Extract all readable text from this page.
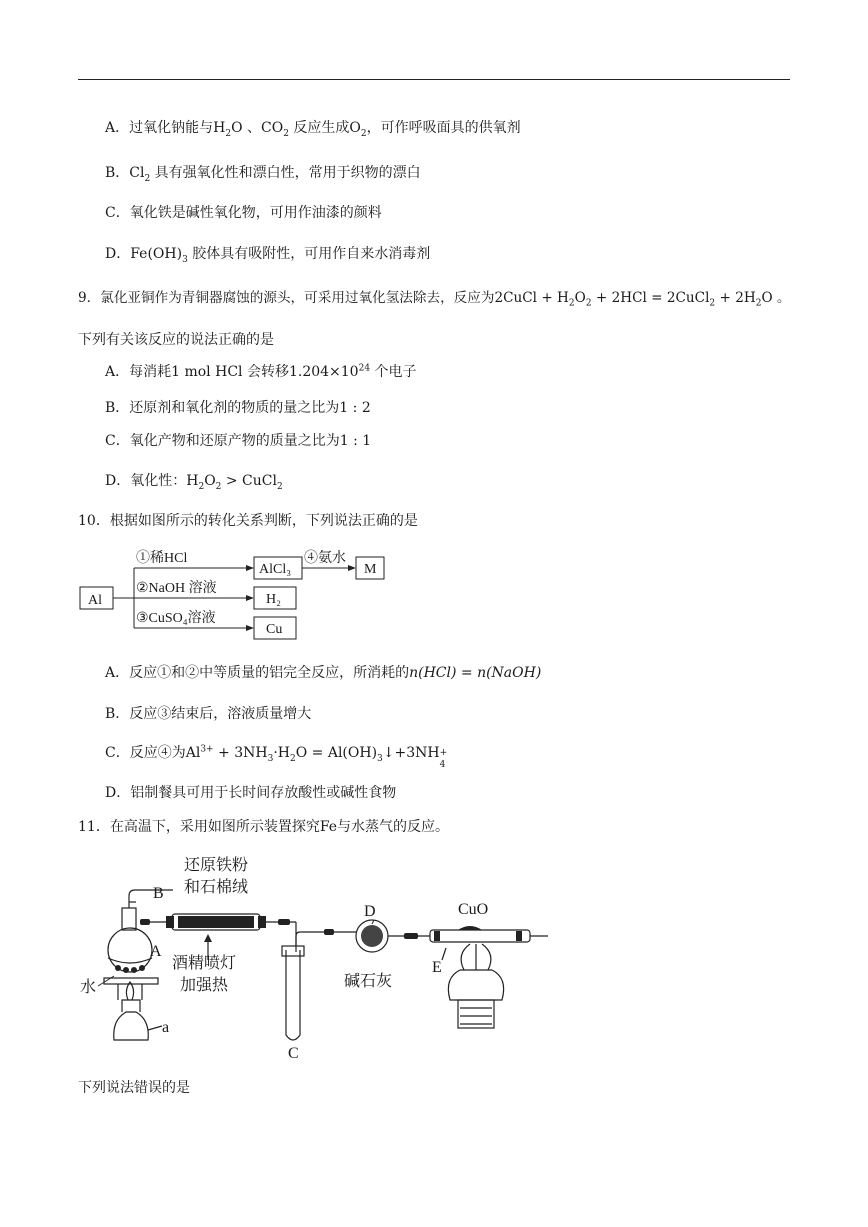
A．过氧化钠能与$H_2O$ 、$CO_2$ 反应生成$O_2$，可作呼吸面具的供氧剂
B．$Cl_2$ 具有强氧化性和漂白性，常用于织物的漂白
C．氧化铁是碱性氧化物，可用作油漆的颜料
D．$Fe(OH)_3$ 胶体具有吸附性，可用作自来水消毒剂
9．氯化亚铜作为青铜器腐蚀的源头，可采用过氧化氢法除去，反应为2CuCl + $H_2O_2 + 2HCl$ = 2CuCl$_2$ + $2H_2O$ 。
下列有关该反应的说法正确的是
A．每消耗1 mol HCl 会转移$1.204\times 10^{24}$ 个电子
B．还原剂和氧化剂的物质的量之比为1 : 2
C．氧化产物和还原产物的质量之比为1 : 1
D．氧化性：$H_2O_2$ > CuCl$_2$
10．根据如图所示的转化关系判断，下列说法正确的是
Al
①稀HCl
②NaOH 溶液
③CuSO₄溶液
④氨水
AlCl₃	M
H₂
Cu
A．反应①和②中等质量的铝完全反应，所消耗的n(HCl) = n(NaOH)
B．反应③结束后，溶液质量增大
C．反应④为$Al^{3+} + 3NH_3\cdot H_2O$ = $Al(OH)_3↓+3NH$ +
4
D．铝制餐具可用于长时间存放酸性或碱性食物
11．在高温下，采用如图所示装置探究Fe与水蒸气的反应。
还原铁粉
和石棉绒
B
A
水
酒精喷灯
加强热
a
C
D
碱石灰
CuO
E
下列说法错误的是
